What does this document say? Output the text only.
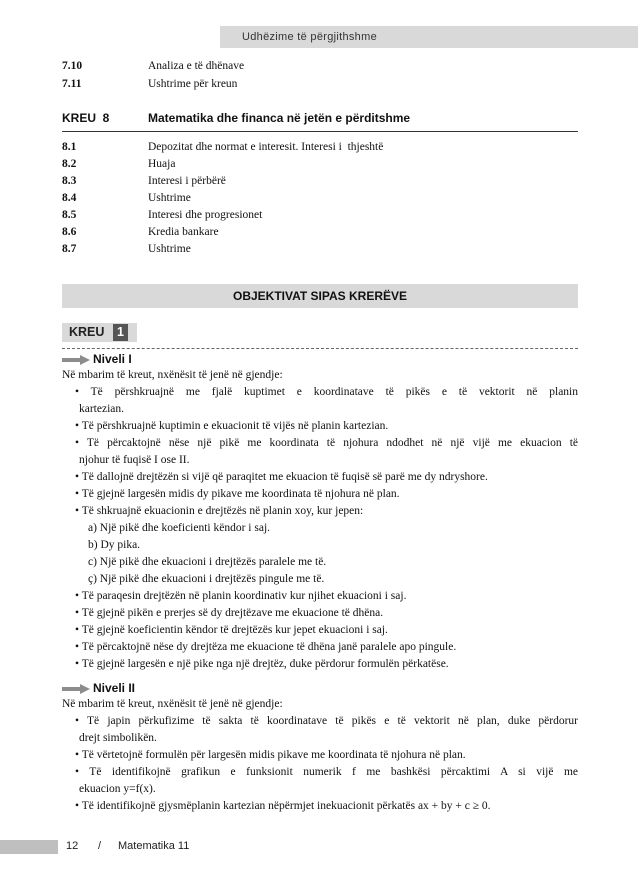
Udhëzime të përgjithshme
7.10	Analiza e të dhënave
7.11	Ushtrime për kreun
KREU  8	Matematika dhe financa në jetën e përditshme
8.1	Depozitat dhe normat e interesit. Interesi i  thjeshtë
8.2	Huaja
8.3	Interesi i përbërë
8.4	Ushtrime
8.5	Interesi dhe progresionet
8.6	Kredia bankare
8.7	Ushtrime
OBJEKTIVAT SIPAS KRERËVE
KREU	1
Niveli I
Në mbarim të kreut, nxënësit të jenë në gjendje:
• Të përshkruajnë me fjalë kuptimet e koordinatave të pikës e të vektorit në planin
kartezian.
• Të përshkruajnë kuptimin e ekuacionit të vijës në planin kartezian.
• Të përcaktojnë nëse një pikë me koordinata të njohura ndodhet në një vijë me ekuacion të
njohur të fuqisë I ose II.
• Të dallojnë drejtëzën si vijë që paraqitet me ekuacion të fuqisë së parë me dy ndryshore.
• Të gjejnë largesën midis dy pikave me koordinata të njohura në plan.
• Të shkruajnë ekuacionin e drejtëzës në planin xoy, kur jepen:
a) Një pikë dhe koeficienti këndor i saj.
b) Dy pika.
c) Një pikë dhe ekuacioni i drejtëzës paralele me të.
ç) Një pikë dhe ekuacioni i drejtëzës pingule me të.
• Të paraqesin drejtëzën në planin koordinativ kur njihet ekuacioni i saj.
• Të gjejnë pikën e prerjes së dy drejtëzave me ekuacione të dhëna.
• Të gjejnë koeficientin këndor të drejtëzës kur jepet ekuacioni i saj.
• Të përcaktojnë nëse dy drejtëza me ekuacione të dhëna janë paralele apo pingule.
• Të gjejnë largesën e një pike nga një drejtëz, duke përdorur formulën përkatëse.
Niveli II
Në mbarim të kreut, nxënësit të jenë në gjendje:
• Të japin përkufizime të sakta të koordinatave të pikës e të vektorit në plan, duke përdorur
drejt simbolikën.
• Të vërtetojnë formulën për largesën midis pikave me koordinata të njohura në plan.
• Të identifikojnë grafikun e funksionit numerik f me bashkësi përcaktimi A si vijë me
ekuacion y=f(x).
• Të identifikojnë gjysmëplanin kartezian nëpërmjet inekuacionit përkatës ax + by + c ≥ 0.
12 / Matematika 11
